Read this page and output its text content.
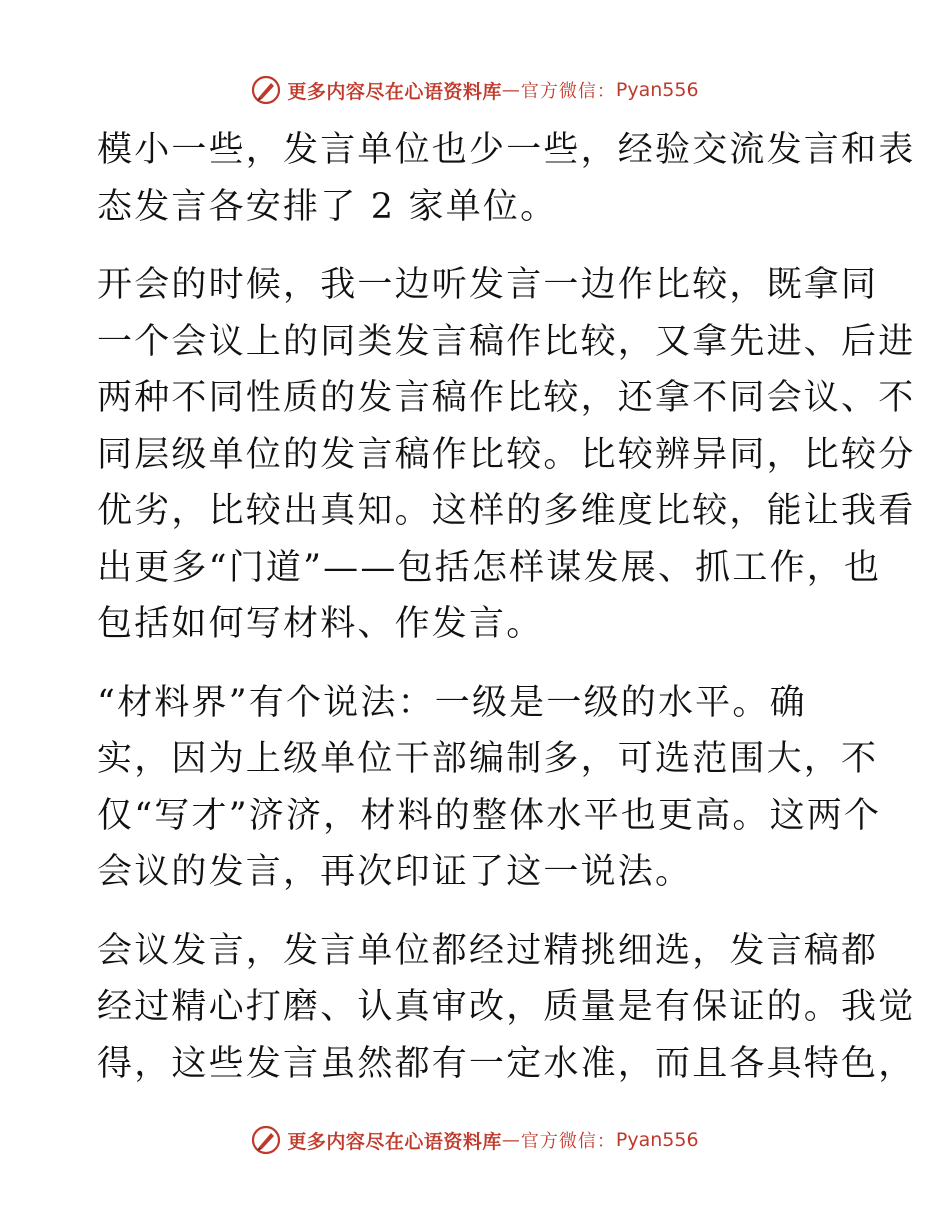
更多内容尽在心语资料库 — 官方微信： Pyan556
模小一些，发言单位也少一些，经验交流发言和表
态发言各安排了 2 家单位。
开会的时候，我一边听发言一边作比较，既拿同
一个会议上的同类发言稿作比较，又拿先进、后进
两种不同性质的发言稿作比较，还拿不同会议、不
同层级单位的发言稿作比较。比较辨异同，比较分
优劣，比较出真知。这样的多维度比较，能让我看
出更多“门道”——包括怎样谋发展、抓工作，也
包括如何写材料、作发言。
“材料界”有个说法：一级是一级的水平。确
实，因为上级单位干部编制多，可选范围大，不
仅“写才”济济，材料的整体水平也更高。这两个
会议的发言，再次印证了这一说法。
会议发言，发言单位都经过精挑细选，发言稿都
经过精心打磨、认真审改，质量是有保证的。我觉
得，这些发言虽然都有一定水准，而且各具特色，
更多内容尽在心语资料库 — 官方微信： Pyan556
